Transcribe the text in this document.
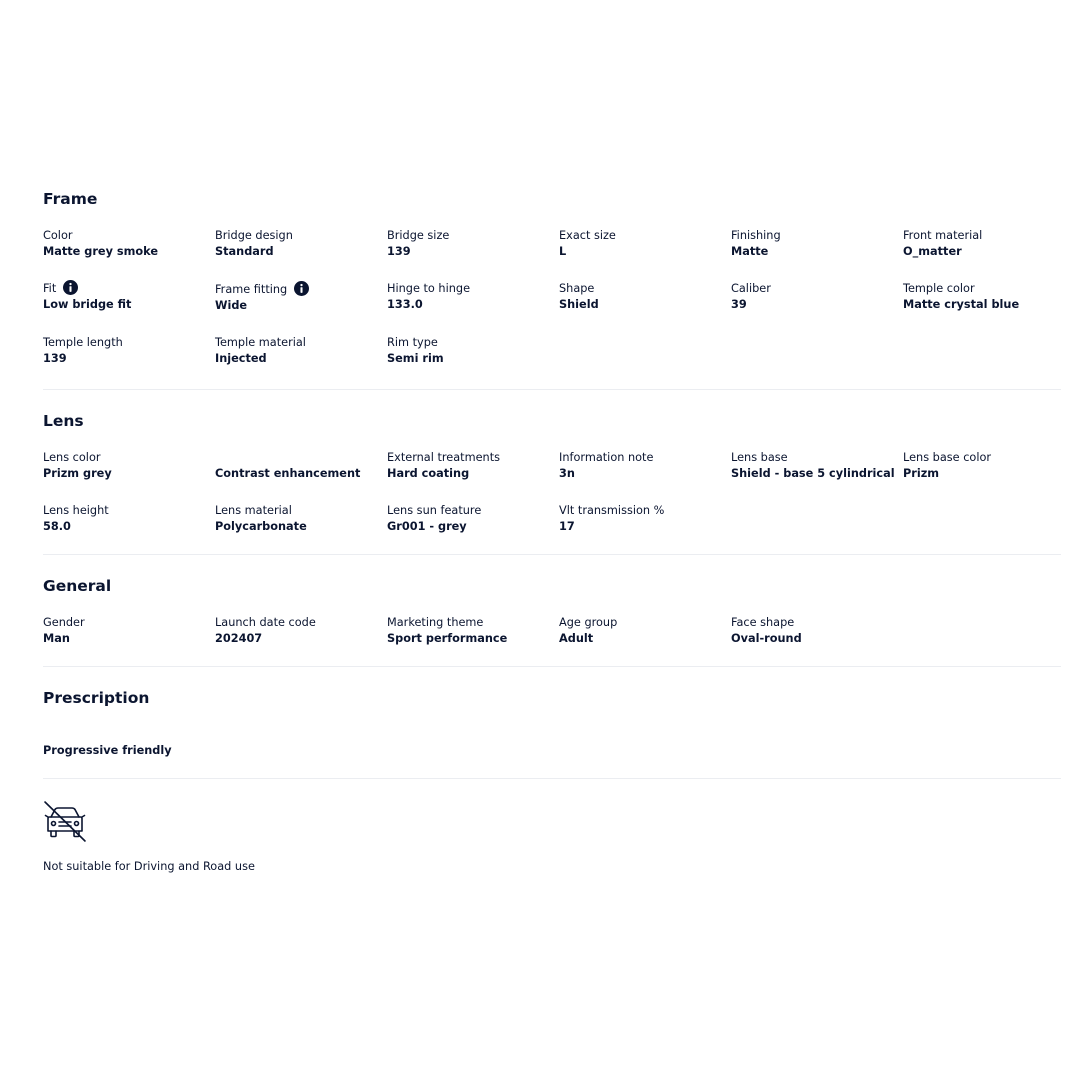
Frame
Color
Matte grey smoke
Bridge design
Standard
Bridge size
139
Exact size
L
Finishing
Matte
Front material
O_matter
Fit
Low bridge fit
Frame fitting
Wide
Hinge to hinge
133.0
Shape
Shield
Caliber
39
Temple color
Matte crystal blue
Temple length
139
Temple material
Injected
Rim type
Semi rim
Lens
Lens color
Prizm grey	Contrast enhancement
External treatments
Hard coating
Information note
3n
Lens base
Shield - base 5 cylindrical
Lens base color
Prizm
Lens height
58.0
Lens material
Polycarbonate
Lens sun feature
Gr001 - grey
Vlt transmission %
17
General
Gender
Man
Launch date code
202407
Marketing theme
Sport performance
Age group
Adult
Face shape
Oval-round
Prescription
Progressive friendly
Not suitable for Driving and Road use
